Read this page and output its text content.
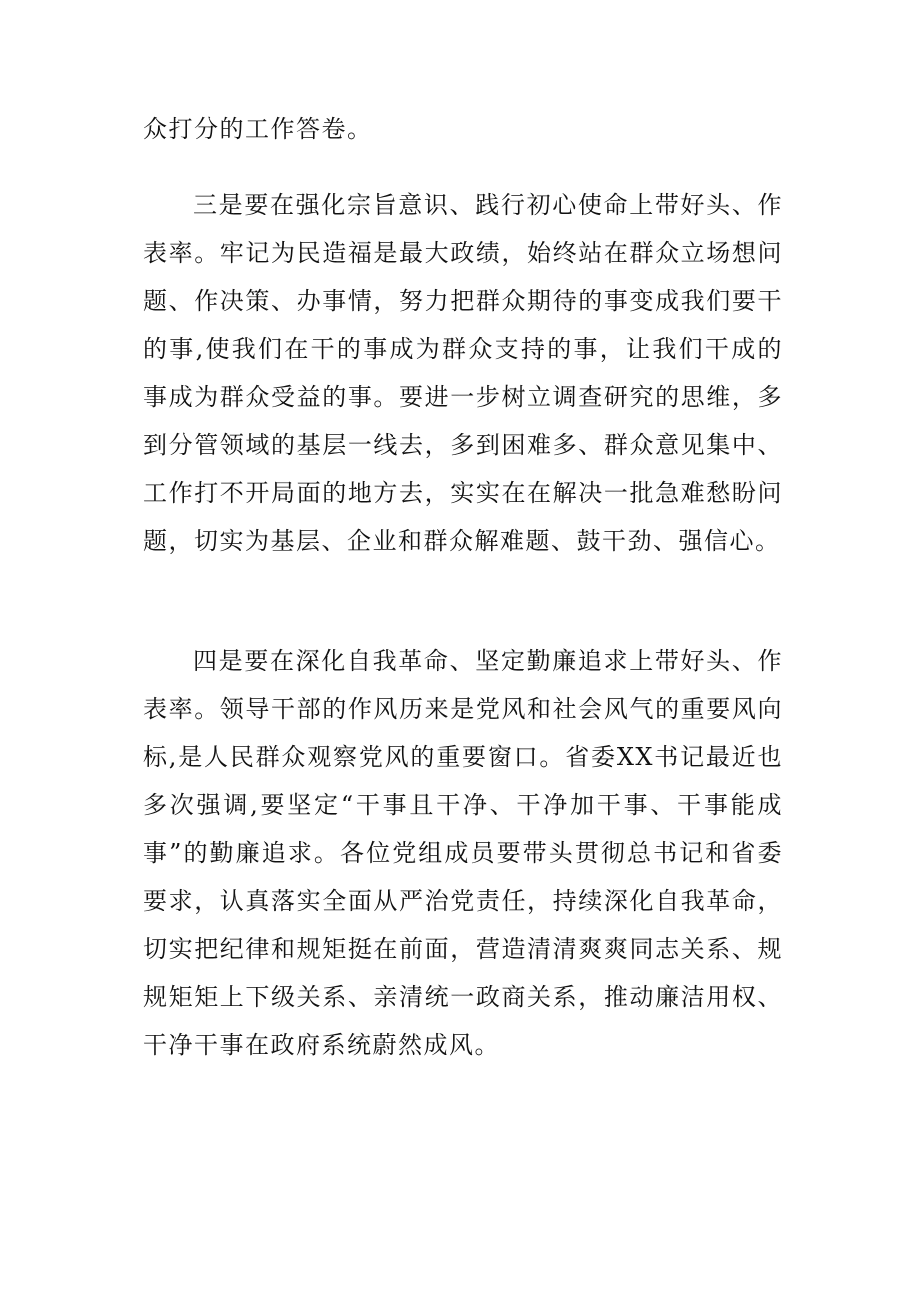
众打分的工作答卷。

三是要在强化宗旨意识、践行初心使命上带好头、作表率。牢记为民造福是最大政绩，始终站在群众立场想问题、作决策、办事情，努力把群众期待的事变成我们要干的事,使我们在干的事成为群众支持的事，让我们干成的事成为群众受益的事。要进一步树立调查研究的思维，多到分管领域的基层一线去，多到困难多、群众意见集中、工作打不开局面的地方去，实实在在解决一批急难愁盼问题，切实为基层、企业和群众解难题、鼓干劲、强信心。

四是要在深化自我革命、坚定勤廉追求上带好头、作表率。领导干部的作风历来是党风和社会风气的重要风向标,是人民群众观察党风的重要窗口。省委XX书记最近也多次强调,要坚定“干事且干净、干净加干事、干事能成事”的勤廉追求。各位党组成员要带头贯彻总书记和省委要求，认真落实全面从严治党责任，持续深化自我革命，切实把纪律和规矩挺在前面，营造清清爽爽同志关系、规规矩矩上下级关系、亲清统一政商关系，推动廉洁用权、干净干事在政府系统蔚然成风。
